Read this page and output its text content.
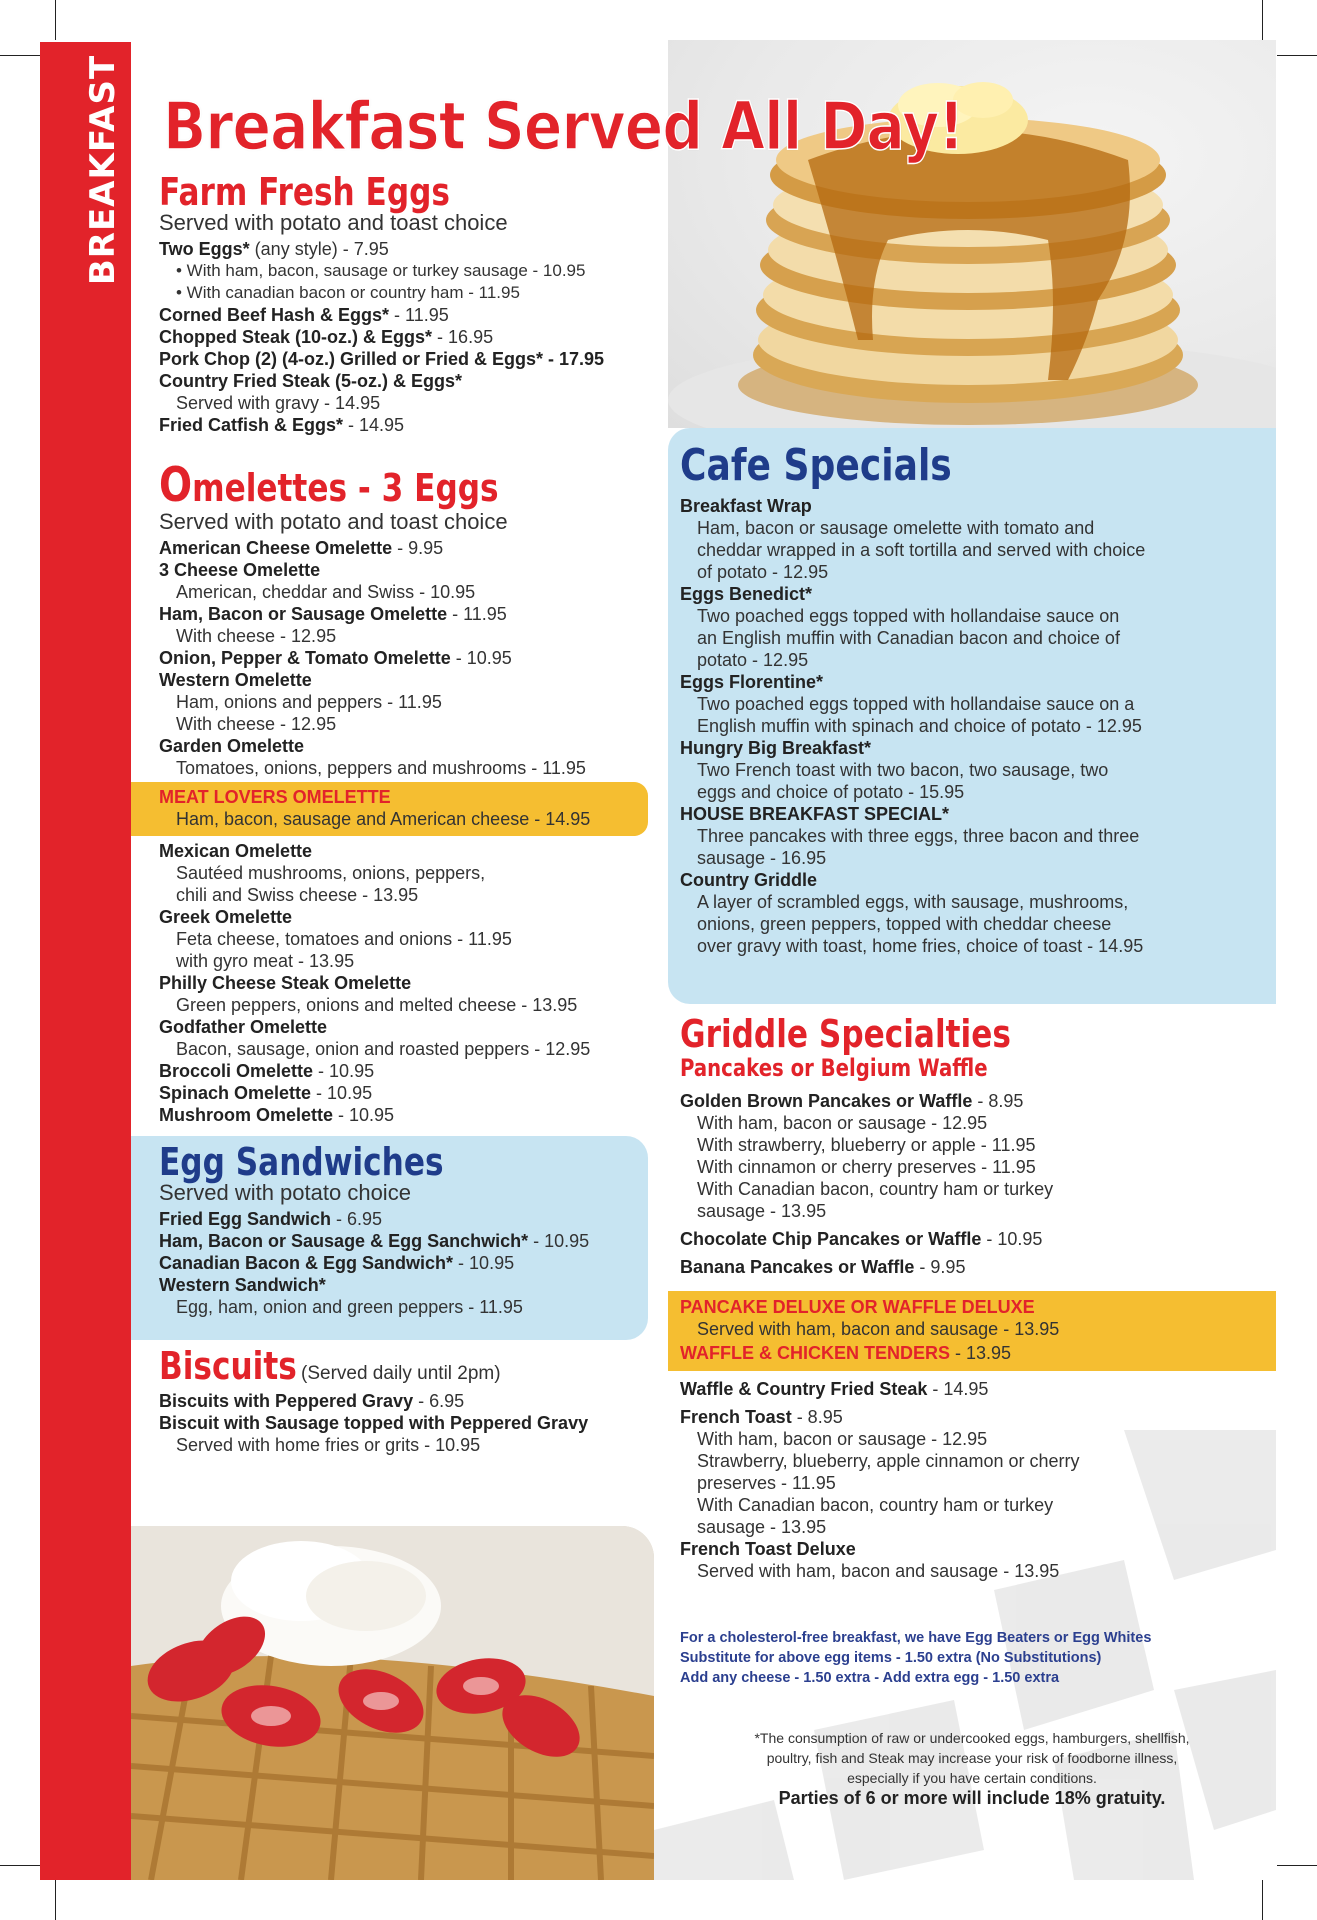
BREAKFAST Breakfast Served All Day!
Farm Fresh Eggs
Served with potato and toast choice
Two Eggs* (any style) - 7.95
• With ham, bacon, sausage or turkey sausage - 10.95
• With canadian bacon or country ham - 11.95
Corned Beef Hash & Eggs* - 11.95
Chopped Steak (10-oz.) & Eggs* - 16.95
Pork Chop (2) (4-oz.) Grilled or Fried & Eggs* - 17.95
Country Fried Steak (5-oz.) & Eggs*
Served with gravy - 14.95
Fried Catfish & Eggs* - 14.95
Omelettes - 3 Eggs
Served with potato and toast choice
American Cheese Omelette - 9.95
3 Cheese Omelette
American, cheddar and Swiss - 10.95
Ham, Bacon or Sausage Omelette - 11.95
With cheese - 12.95
Onion, Pepper & Tomato Omelette - 10.95
Western Omelette
Ham, onions and peppers - 11.95
With cheese - 12.95
Garden Omelette
Tomatoes, onions, peppers and mushrooms - 11.95
MEAT LOVERS OMELETTE
Ham, bacon, sausage and American cheese - 14.95
Mexican Omelette
Sautéed mushrooms, onions, peppers,
chili and Swiss cheese - 13.95
Greek Omelette
Feta cheese, tomatoes and onions - 11.95
with gyro meat - 13.95
Philly Cheese Steak Omelette
Green peppers, onions and melted cheese - 13.95
Godfather Omelette
Bacon, sausage, onion and roasted peppers - 12.95
Broccoli Omelette - 10.95
Spinach Omelette - 10.95
Mushroom Omelette - 10.95
Egg Sandwiches
Served with potato choice
Fried Egg Sandwich - 6.95
Ham, Bacon or Sausage & Egg Sanchwich* - 10.95
Canadian Bacon & Egg Sandwich* - 10.95
Western Sandwich*
Egg, ham, onion and green peppers - 11.95
Biscuits (Served daily until 2pm)
Biscuits with Peppered Gravy - 6.95
Biscuit with Sausage topped with Peppered Gravy
Served with home fries or grits - 10.95
Cafe Specials
Breakfast Wrap
Ham, bacon or sausage omelette with tomato and
cheddar wrapped in a soft tortilla and served with choice
of potato - 12.95
Eggs Benedict*
Two poached eggs topped with hollandaise sauce on
an English muffin with Canadian bacon and choice of
potato - 12.95
Eggs Florentine*
Two poached eggs topped with hollandaise sauce on a
English muffin with spinach and choice of potato - 12.95
Hungry Big Breakfast*
Two French toast with two bacon, two sausage, two
eggs and choice of potato - 15.95
HOUSE BREAKFAST SPECIAL*
Three pancakes with three eggs, three bacon and three
sausage - 16.95
Country Griddle
A layer of scrambled eggs, with sausage, mushrooms,
onions, green peppers, topped with cheddar cheese
over gravy with toast, home fries, choice of toast - 14.95
Griddle Specialties
Pancakes or Belgium Waffle
Golden Brown Pancakes or Waffle - 8.95
With ham, bacon or sausage - 12.95
With strawberry, blueberry or apple - 11.95
With cinnamon or cherry preserves - 11.95
With Canadian bacon, country ham or turkey
sausage - 13.95
Chocolate Chip Pancakes or Waffle - 10.95
Banana Pancakes or Waffle - 9.95
PANCAKE DELUXE OR WAFFLE DELUXE
Served with ham, bacon and sausage - 13.95
WAFFLE & CHICKEN TENDERS - 13.95
Waffle & Country Fried Steak - 14.95
French Toast - 8.95
With ham, bacon or sausage - 12.95
Strawberry, blueberry, apple cinnamon or cherry
preserves - 11.95
With Canadian bacon, country ham or turkey
sausage - 13.95
French Toast Deluxe
Served with ham, bacon and sausage - 13.95
For a cholesterol-free breakfast, we have Egg Beaters or Egg Whites
Substitute for above egg items - 1.50 extra (No Substitutions)
Add any cheese - 1.50 extra - Add extra egg - 1.50 extra
*The consumption of raw or undercooked eggs, hamburgers, shellfish,
poultry, fish and Steak may increase your risk of foodborne illness,
especially if you have certain conditions.
Parties of 6 or more will include 18% gratuity.
